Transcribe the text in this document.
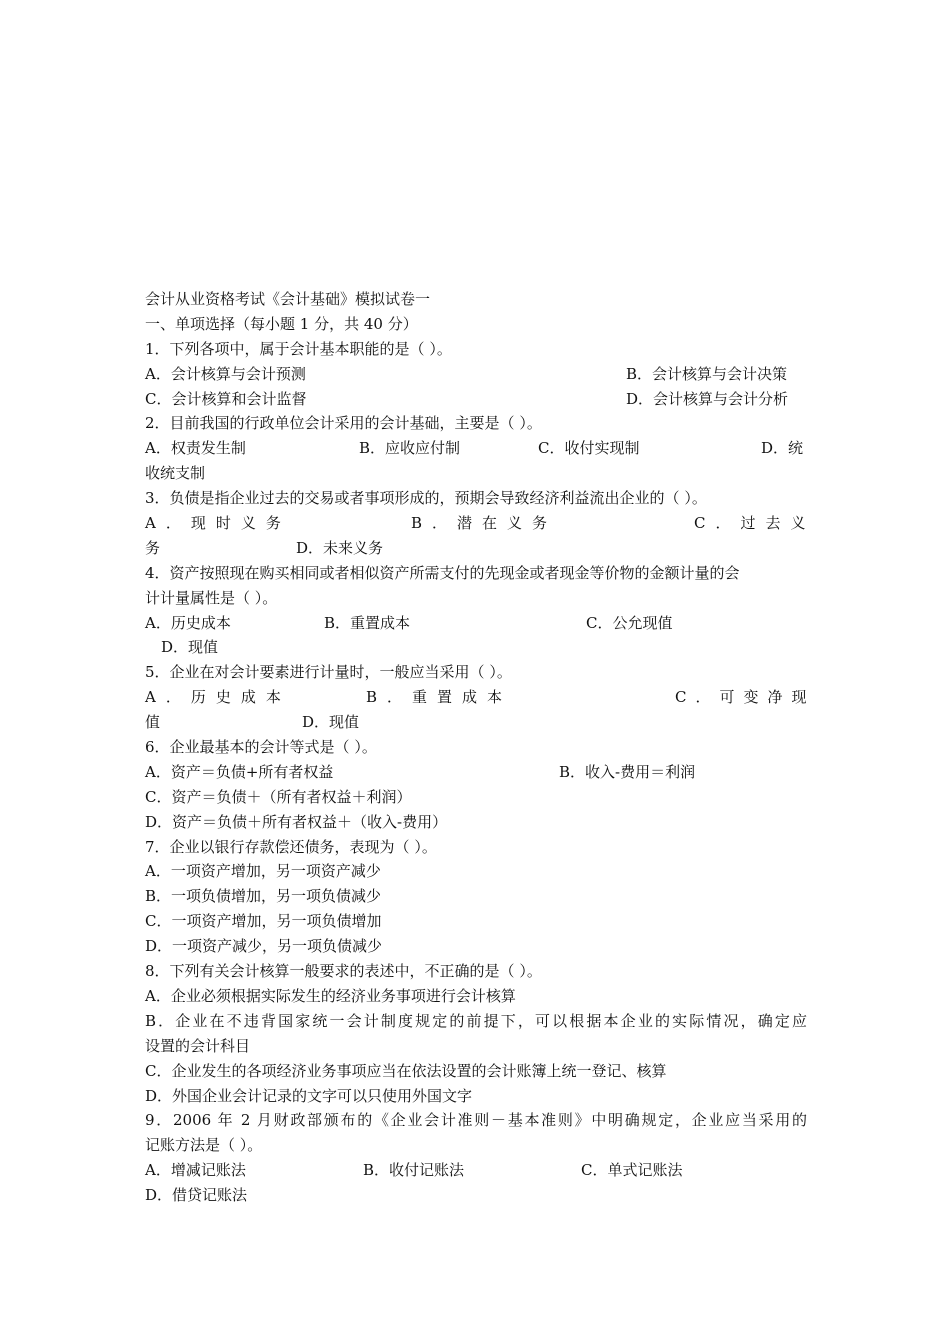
会计从业资格考试《会计基础》模拟试卷一
一、单项选择（每小题 1 分，共 40 分）
1．下列各项中，属于会计基本职能的是（ ）。
A．会计核算与会计预测	B．会计核算与会计决策
C．会计核算和会计监督	D．会计核算与会计分析
2．目前我国的行政单位会计采用的会计基础，主要是（ ）。
A．权责发生制	B．应收应付制	C．收付实现制	D．统
收统支制
3．负债是指企业过去的交易或者事项形成的，预期会导致经济利益流出企业的（ ）。
A．现时义务	B．潜在义务	C．过去义
务	D．未来义务
4．资产按照现在购买相同或者相似资产所需支付的先现金或者现金等价物的金额计量的会
计计量属性是（ ）。
A．历史成本	B．重置成本	C．公允现值
D．现值
5．企业在对会计要素进行计量时，一般应当采用（ ）。
A．历史成本	B．重置成本	C．可变净现
值	D．现值
6．企业最基本的会计等式是（ ）。
A．资产＝负债+所有者权益	B．收入-费用＝利润
C．资产＝负债＋（所有者权益＋利润）
D．资产＝负债＋所有者权益＋（收入-费用）
7．企业以银行存款偿还债务，表现为（ ）。
A．一项资产增加，另一项资产减少
B．一项负债增加，另一项负债减少
C．一项资产增加，另一项负债增加
D．一项资产减少，另一项负债减少
8．下列有关会计核算一般要求的表述中，不正确的是（ ）。
A．企业必须根据实际发生的经济业务事项进行会计核算
B．企业在不违背国家统一会计制度规定的前提下，可以根据本企业的实际情况，确定应
设置的会计科目
C．企业发生的各项经济业务事项应当在依法设置的会计账簿上统一登记、核算
D．外国企业会计记录的文字可以只使用外国文字
9．2006 年 2 月财政部颁布的《企业会计准则－基本准则》中明确规定，企业应当采用的
记账方法是（ ）。
A．增减记账法	B．收付记账法	C．单式记账法
D．借贷记账法
